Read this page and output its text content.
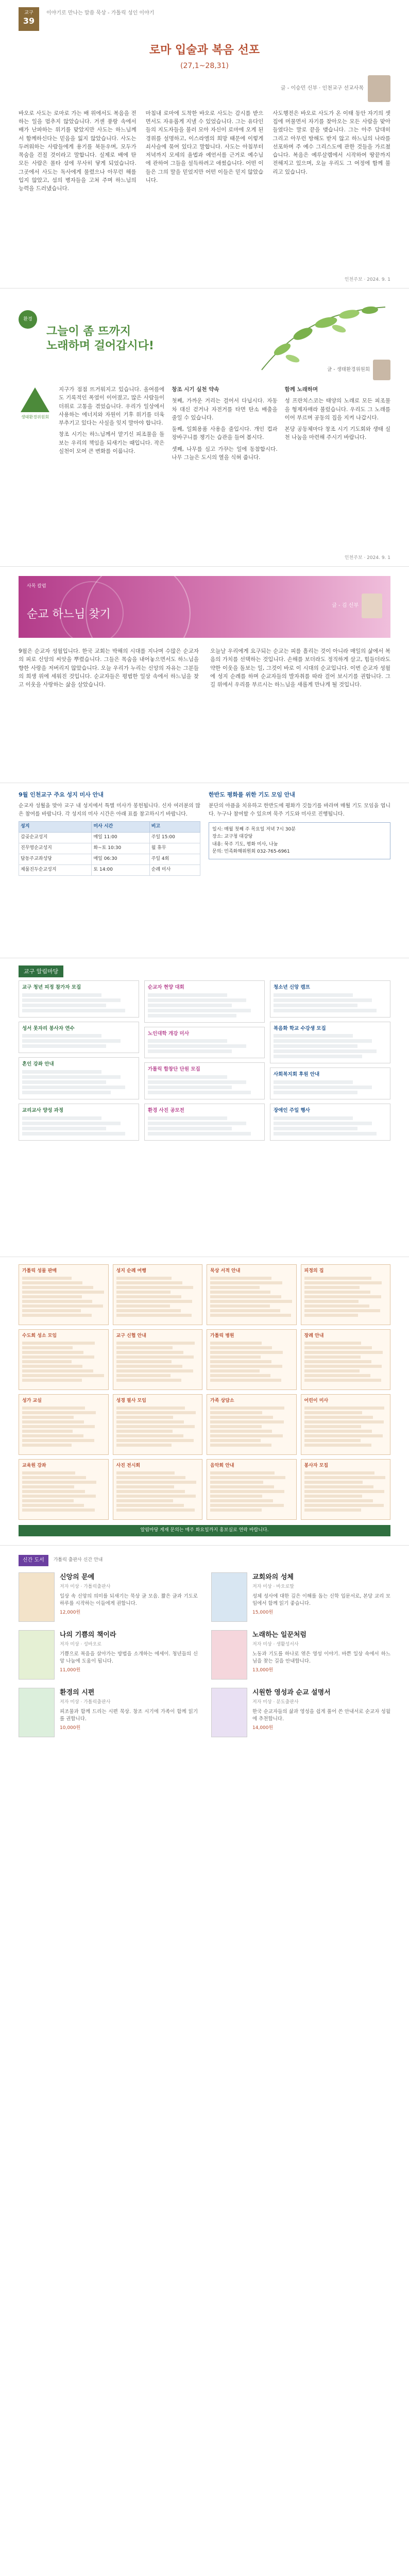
교구
39
이야기로 만나는 말씀 묵상 - 가톨릭 성인 이야기
로마 입술과 복음 선포
(27,1~28,31)
글 - 이승민 신부 · 인천교구 선교사목

바오로 사도는 로마로 가는 배 위에서도 복음을 전하는 일을 멈추지 않았습니다. 거센 풍랑 속에서 배가 난파하는 위기를 맞았지만 사도는 하느님께서 함께하신다는 믿음을 잃지 않았습니다. 사도는 두려워하는 사람들에게 용기를 북돋우며, 모두가 목숨을 건질 것이라고 말합니다. 실제로 배에 탄 모든 사람은 몰타 섬에 무사히 닿게 되었습니다. 그곳에서 사도는 독사에게 물렸으나 아무런 해를 입지 않았고, 섬의 병자들을 고쳐 주며 하느님의 능력을 드러냈습니다.

마침내 로마에 도착한 바오로 사도는 감시를 받으면서도 자유롭게 지낼 수 있었습니다. 그는 유다인들의 지도자들을 불러 모아 자신이 로마에 오게 된 경위를 설명하고, 이스라엘의 희망 때문에 이렇게 쇠사슬에 묶여 있다고 말합니다. 사도는 아침부터 저녁까지 모세의 율법과 예언서를 근거로 예수님에 관하여 그들을 설득하려고 애썼습니다. 어떤 이들은 그의 말을 믿었지만 어떤 이들은 믿지 않았습니다.

사도행전은 바오로 사도가 온 이태 동안 자기의 셋집에 머물면서 자기를 찾아오는 모든 사람을 맞아들였다는 말로 끝을 맺습니다. 그는 아주 담대히 그리고 아무런 방해도 받지 않고 하느님의 나라를 선포하며 주 예수 그리스도에 관한 것들을 가르쳤습니다. 복음은 예루살렘에서 시작하여 땅끝까지 전해지고 있으며, 오늘 우리도 그 여정에 함께 불리고 있습니다.

인천주보 · 2024. 9. 1
환경
그늘이 좀 뜨까지
노래하며 걸어갑시다!
글 - 생태환경위원회
생태환경위원회

지구가 점점 뜨거워지고 있습니다. 올여름에도 기록적인 폭염이 이어졌고, 많은 사람들이 더위로 고통을 겪었습니다. 우리가 일상에서 사용하는 에너지와 자원이 기후 위기를 더욱 부추기고 있다는 사실을 잊지 말아야 합니다.

창조 시기는 하느님께서 맡기신 피조물을 돌보는 우리의 책임을 되새기는 때입니다. 작은 실천이 모여 큰 변화를 이룹니다.

창조 시기 실천 약속

첫째, 가까운 거리는 걸어서 다닙시다. 자동차 대신 걷거나 자전거를 타면 탄소 배출을 줄일 수 있습니다.

둘째, 일회용품 사용을 줄입시다. 개인 컵과 장바구니를 챙기는 습관을 들여 봅시다.

셋째, 나무를 심고 가꾸는 일에 동참합시다. 나무 그늘은 도시의 열을 식혀 줍니다.

함께 노래하며

성 프란치스코는 태양의 노래로 모든 피조물을 형제자매라 불렀습니다. 우리도 그 노래를 이어 부르며 공동의 집을 지켜 나갑시다.

본당 공동체마다 창조 시기 기도회와 생태 실천 나눔을 마련해 주시기 바랍니다.

인천주보 · 2024. 9. 1
사목 칼럼
순교 하느님 찾기
글 - 김 신부

9월은 순교자 성월입니다. 한국 교회는 박해의 시대를 지나며 수많은 순교자의 피로 신앙의 씨앗을 뿌렸습니다. 그들은 목숨을 내어놓으면서도 하느님을 향한 사랑을 저버리지 않았습니다. 오늘 우리가 누리는 신앙의 자유는 그분들의 희생 위에 세워진 것입니다. 순교자들은 평범한 일상 속에서 하느님을 찾고 이웃을 사랑하는 삶을 살았습니다.

오늘날 우리에게 요구되는 순교는 피를 흘리는 것이 아니라 매일의 삶에서 복음의 가치를 선택하는 것입니다. 손해를 보더라도 정직하게 살고, 힘들더라도 약한 이웃을 돌보는 일, 그것이 바로 이 시대의 순교입니다. 이번 순교자 성월에 성지 순례를 하며 순교자들의 발자취를 따라 걸어 보시기를 권합니다. 그 길 위에서 우리를 부르시는 하느님을 새롭게 만나게 될 것입니다.

9월 인천교구 주요 성지 미사 안내

순교자 성월을 맞아 교구 내 성지에서 특별 미사가 봉헌됩니다. 신자 여러분의 많은 참여를 바랍니다. 각 성지의 미사 시간은 아래 표를 참고하시기 바랍니다.

성지	미사 시간	비고
갑곶순교성지	매일 11:00	주일 15:00
진무영순교성지	화~토 10:30	월 휴무
답동주교좌성당	매일 06:30	주일 4회
제물진두순교성지	토 14:00	순례 미사
한반도 평화를 위한 기도 모임 안내

분단의 아픔을 치유하고 한반도에 평화가 깃들기를 바라며 매월 기도 모임을 엽니다. 누구나 참여할 수 있으며 묵주 기도와 미사로 진행됩니다.

일시: 매월 첫째 주 목요일 저녁 7시 30분
장소: 교구청 대강당
내용: 묵주 기도, 평화 미사, 나눔
문의: 민족화해위원회 032-765-6961
교구 알림마당
교구 청년 피정 참가자 모집
성서 못자리 봉사자 연수
혼인 강좌 안내
교리교사 양성 과정
순교자 현양 대회
노인대학 개강 미사
가톨릭 합창단 단원 모집
환경 사진 공모전
청소년 신앙 캠프
복음화 학교 수강생 모집
사회복지회 후원 안내
장애인 주일 행사
가톨릭 성물 판매	성지 순례 여행	묵상 서적 안내	피정의 집
수도회 성소 모임	교구 신협 안내	가톨릭 병원	장례 안내
성가 교실	성경 필사 모임	가족 상담소	어린이 미사
교육원 강좌	사진 전시회	음악회 안내	봉사자 모집
알림마당 게재 문의는 매주 화요일까지 홍보실로 연락 바랍니다.
신간 도서	가톨릭 출판사 신간 안내
신앙의 문예
저자 미상 · 가톨릭출판사

일상 속 신앙의 의미를 되새기는 묵상 글 모음. 짧은 글과 기도로 하루를 시작하는 이들에게 권합니다.

12,000원
교회와의 성체
저자 미상 · 바오로딸

성체 성사에 대한 깊은 이해를 돕는 신학 입문서로, 본당 교리 모임에서 함께 읽기 좋습니다.

15,000원
나의 기쁨의 책이라
저자 미상 · 성바오로

기쁨으로 복음을 살아가는 방법을 소개하는 에세이. 청년들의 신앙 나눔에 도움이 됩니다.

11,000원
노래하는 일꾼처럼
저자 미상 · 생활성서사

노동과 기도를 하나로 엮은 영성 이야기. 바쁜 일상 속에서 하느님을 찾는 길을 안내합니다.

13,000원
환경의 시편
저자 미상 · 가톨릭출판사

피조물과 함께 드리는 시편 묵상. 창조 시기에 가족이 함께 읽기를 권합니다.

10,000원
시원한 영성과 순교 설명서
저자 미상 · 분도출판사

한국 순교자들의 삶과 영성을 쉽게 풀어 쓴 안내서로 순교자 성월에 추천합니다.

14,000원
